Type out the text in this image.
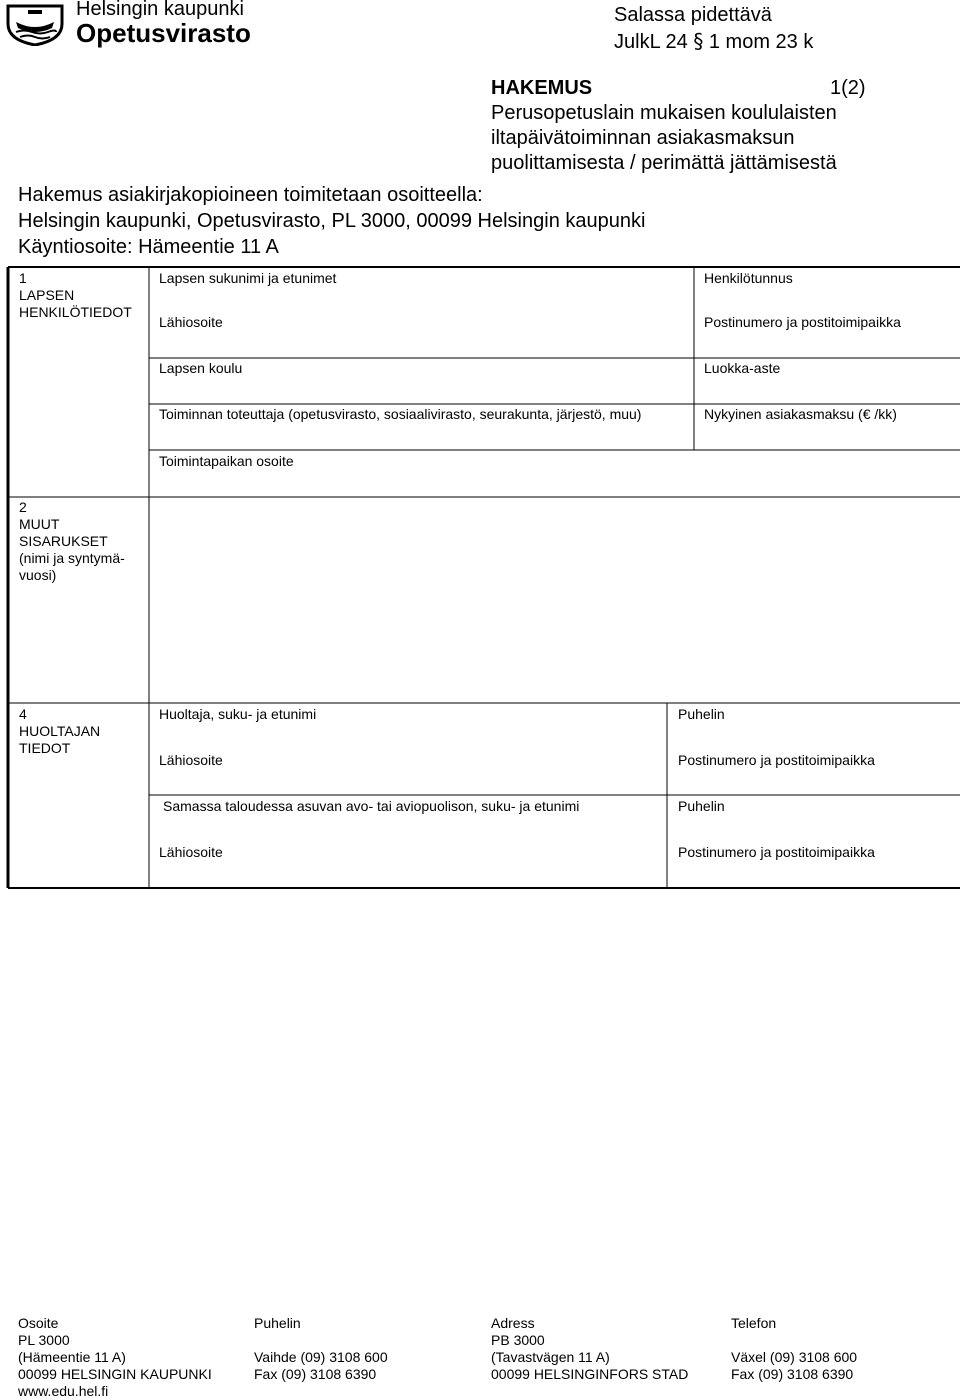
Helsingin kaupunki
Opetusvirasto
Salassa pidettävä
JulkL 24 § 1 mom 23 k
HAKEMUS	1(2)
Perusopetuslain mukaisen koululaisten
iltapäivätoiminnan asiakasmaksun
puolittamisesta / perimättä jättämisestä
Hakemus asiakirjakopioineen toimitetaan osoitteella:
Helsingin kaupunki, Opetusvirasto, PL 3000, 00099 Helsingin kaupunki
Käyntiosoite: Hämeentie 11 A
1
LAPSEN
HENKILÖTIEDOT
Lapsen sukunimi ja etunimet	Henkilötunnus
Lähiosoite	Postinumero ja postitoimipaikka
Lapsen koulu	Luokka-aste
Toiminnan toteuttaja (opetusvirasto, sosiaalivirasto, seurakunta, järjestö, muu)	Nykyinen asiakasmaksu (€ /kk)
Toimintapaikan osoite
2
MUUT
SISARUKSET
(nimi ja syntymä-
vuosi)
4
HUOLTAJAN
TIEDOT
Huoltaja, suku- ja etunimi	Puhelin
Lähiosoite	Postinumero ja postitoimipaikka
Samassa taloudessa asuvan avo- tai aviopuolison, suku- ja etunimi	Puhelin
Lähiosoite	Postinumero ja postitoimipaikka
Osoite
PL 3000
(Hämeentie 11 A)
00099 HELSINGIN KAUPUNKI
www.edu.hel.fi
Puhelin

Vaihde (09) 3108 600
Fax (09) 3108 6390
Adress
PB 3000
(Tavastvägen 11 A)
00099 HELSINGINFORS STAD
Telefon

Växel (09) 3108 600
Fax (09) 3108 6390
